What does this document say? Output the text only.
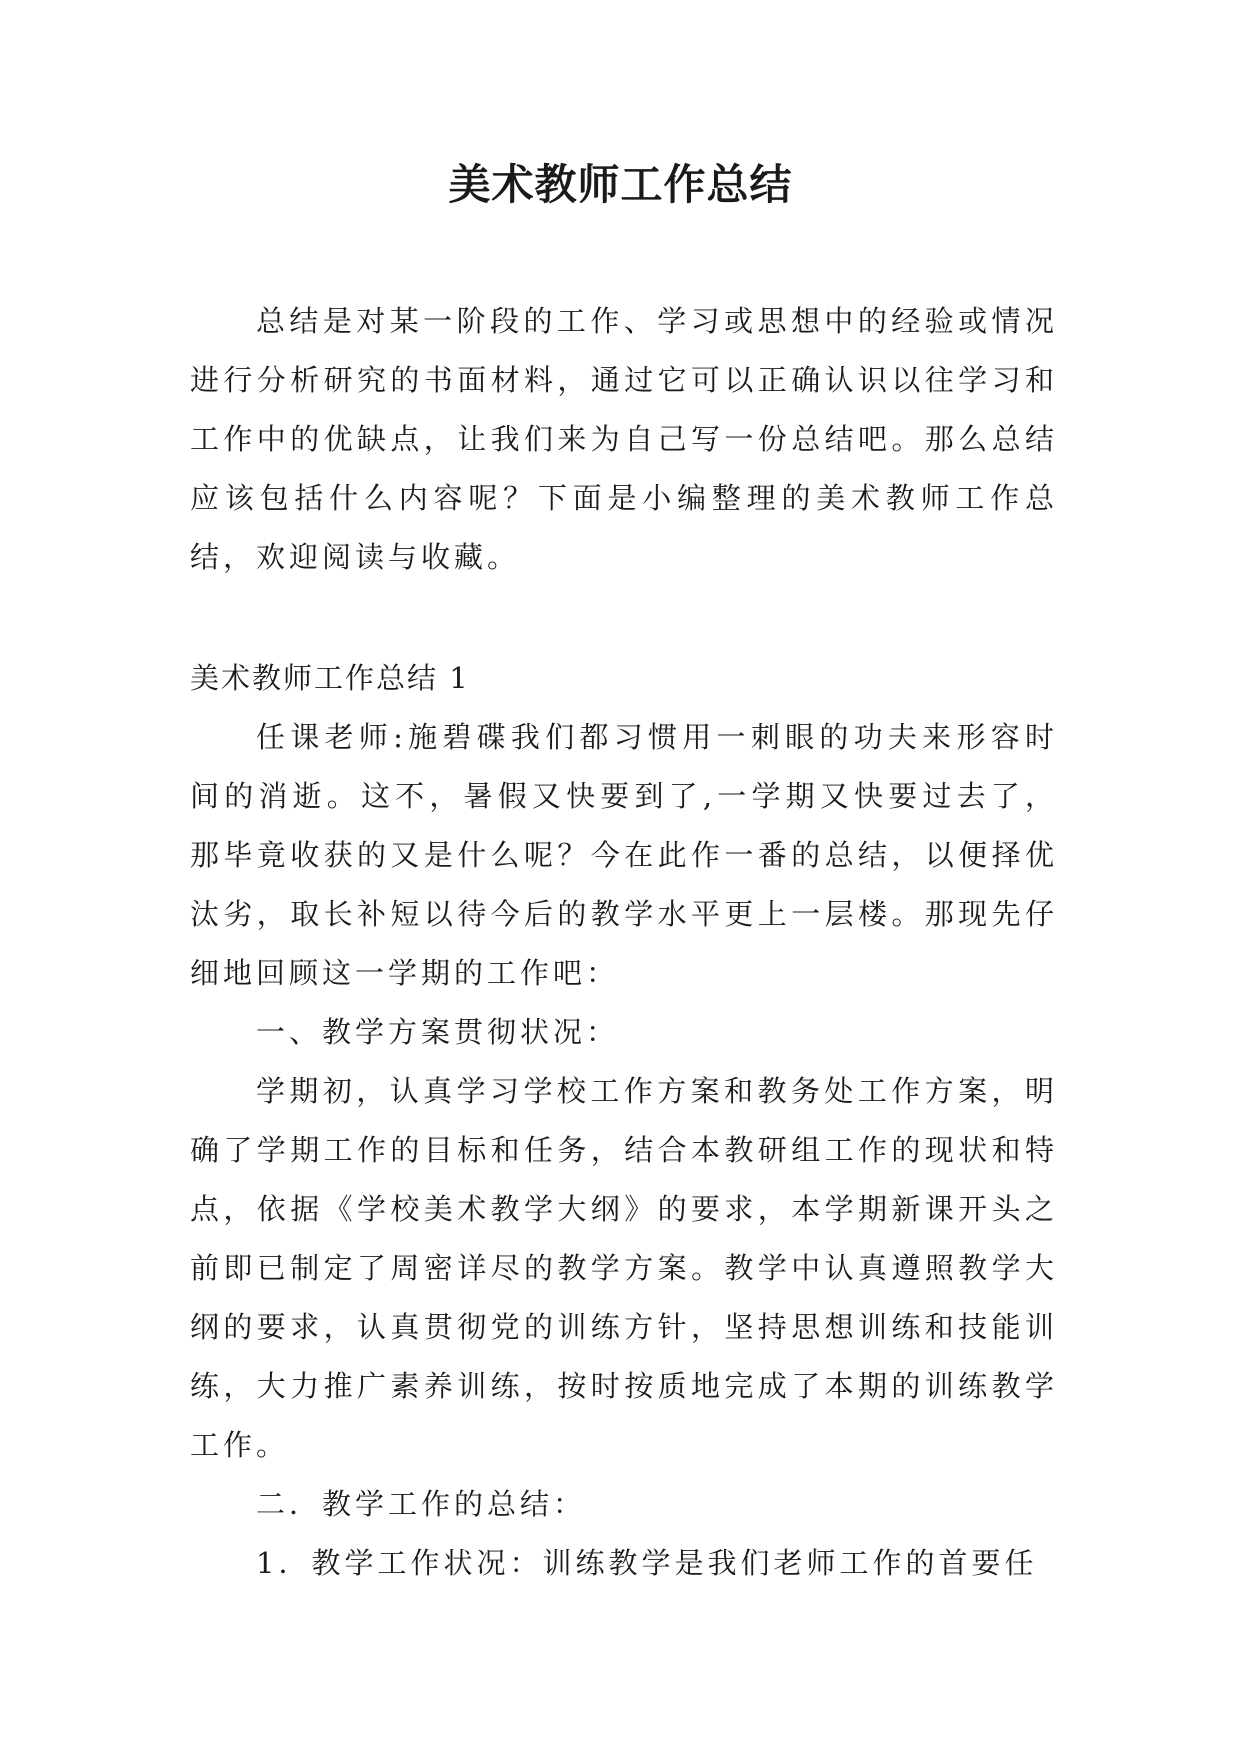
美术教师工作总结

总结是对某一阶段的工作、学习或思想中的经验或情况进行分析研究的书面材料，通过它可以正确认识以往学习和工作中的优缺点，让我们来为自己写一份总结吧。那么总结应该包括什么内容呢？下面是小编整理的美术教师工作总结，欢迎阅读与收藏。

美术教师工作总结 1

任课老师:施碧碟我们都习惯用一刺眼的功夫来形容时间的消逝。这不，暑假又快要到了,一学期又快要过去了，那毕竟收获的又是什么呢？今在此作一番的总结，以便择优汰劣，取长补短以待今后的教学水平更上一层楼。那现先仔细地回顾这一学期的工作吧：

一、教学方案贯彻状况：

学期初，认真学习学校工作方案和教务处工作方案，明确了学期工作的目标和任务，结合本教研组工作的现状和特点，依据《学校美术教学大纲》的要求，本学期新课开头之前即已制定了周密详尽的教学方案。教学中认真遵照教学大纲的要求，认真贯彻党的训练方针，坚持思想训练和技能训练，大力推广素养训练，按时按质地完成了本期的训练教学工作。

二．教学工作的总结：

1．教学工作状况：训练教学是我们老师工作的首要任
